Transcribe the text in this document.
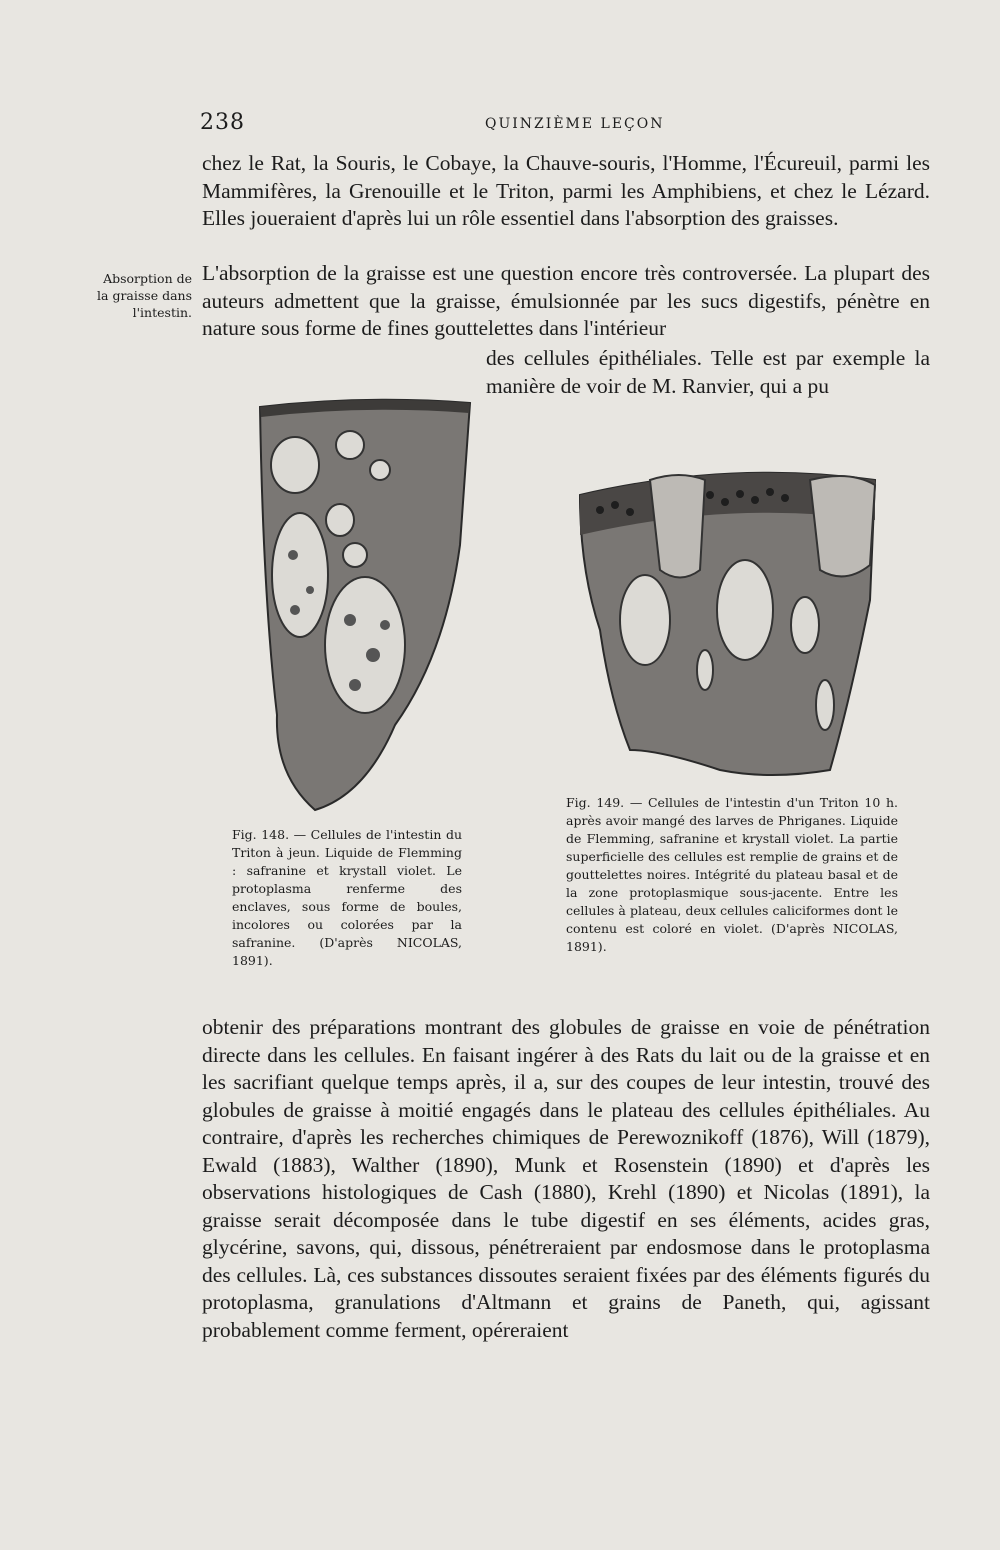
238	QUINZIÈME LEÇON

chez le Rat, la Souris, le Cobaye, la Chauve-souris, l'Homme, l'Écureuil, parmi les Mammifères, la Grenouille et le Triton, parmi les Amphibiens, et chez le Lézard. Elles joueraient d'après lui un rôle essentiel dans l'absorption des graisses.

Absorption de la graisse dans l'intestin.

L'absorption de la graisse est une question encore très controversée. La plupart des auteurs admettent que la graisse, émulsionnée par les sucs digestifs, pénètre en nature sous forme de fines gouttelettes dans l'intérieur

des cellules épithéliales. Telle est par exemple la manière de voir de M. Ranvier, qui a pu

Fig. 148. — Cellules de l'intestin du Triton à jeun. Liquide de Flemming : safranine et krystall violet. Le protoplasma renferme des enclaves, sous forme de boules, incolores ou colorées par la safranine. (D'après NICOLAS, 1891).

Fig. 149. — Cellules de l'intestin d'un Triton 10 h. après avoir mangé des larves de Phriganes. Liquide de Flemming, safranine et krystall violet. La partie superficielle des cellules est remplie de grains et de gouttelettes noires. Intégrité du plateau basal et de la zone protoplasmique sous-jacente. Entre les cellules à plateau, deux cellules caliciformes dont le contenu est coloré en violet. (D'après NICOLAS, 1891).

obtenir des préparations montrant des globules de graisse en voie de pénétration directe dans les cellules. En faisant ingérer à des Rats du lait ou de la graisse et en les sacrifiant quelque temps après, il a, sur des coupes de leur intestin, trouvé des globules de graisse à moitié engagés dans le plateau des cellules épithéliales. Au contraire, d'après les recherches chimiques de Perewoznikoff (1876), Will (1879), Ewald (1883), Walther (1890), Munk et Rosenstein (1890) et d'après les observations histologiques de Cash (1880), Krehl (1890) et Nicolas (1891), la graisse serait décomposée dans le tube digestif en ses éléments, acides gras, glycérine, savons, qui, dissous, pénétreraient par endosmose dans le protoplasma des cellules. Là, ces substances dissoutes seraient fixées par des éléments figurés du protoplasma, granulations d'Altmann et grains de Paneth, qui, agissant probablement comme ferment, opéreraient
